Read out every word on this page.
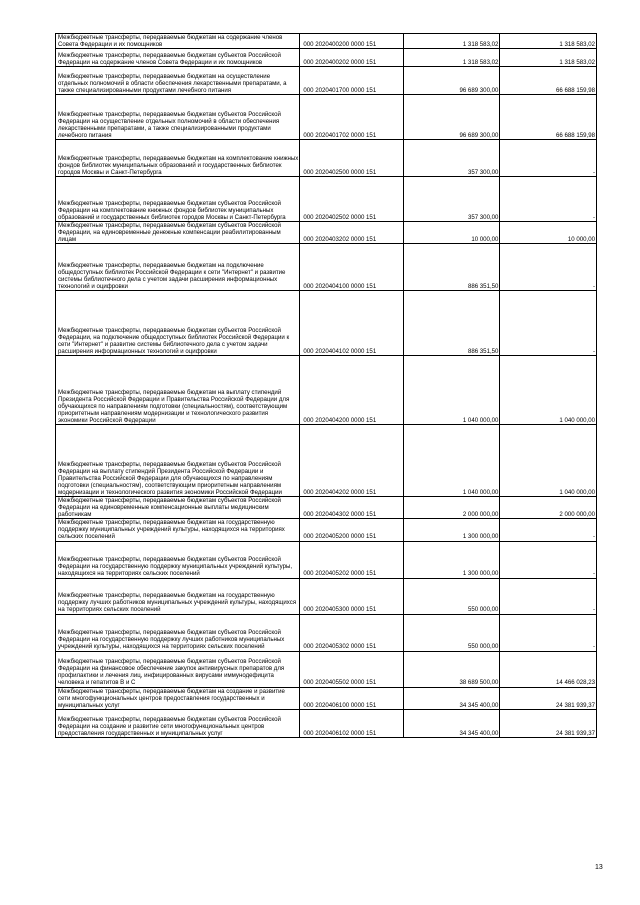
Межбюджетные трансферты, передаваемые бюджетам на содержание членов Совета Федерации и их помощников	000 2020400200 0000 151	1 318 583,02	1 318 583,02

Межбюджетные трансферты, передаваемые бюджетам субъектов Российской Федерации на содержание членов Совета Федерации и их помощников	000 2020400202 0000 151	1 318 583,02	1 318 583,02

Межбюджетные трансферты, передаваемые бюджетам на осуществление отдельных полномочий в области обеспечения лекарственными препаратами, а также специализированными продуктами лечебного питания	000 2020401700 0000 151	96 689 300,00	66 688 159,98

Межбюджетные трансферты, передаваемые бюджетам субъектов Российской Федерации на осуществление отдельных полномочий в области обеспечения лекарственными препаратами, а также специализированными продуктами лечебного питания	000 2020401702 0000 151	96 689 300,00	66 688 159,98

Межбюджетные трансферты, передаваемые бюджетам на комплектование книжных фондов библиотек муниципальных образований и государственных библиотек городов Москвы и Санкт-Петербурга	000 2020402500 0000 151	357 300,00	-

Межбюджетные трансферты, передаваемые бюджетам субъектов Российской Федерации на комплектование книжных фондов библиотек муниципальных образований и государственных библиотек городов Москвы и Санкт-Петербурга	000 2020402502 0000 151	357 300,00	-

Межбюджетные трансферты, передаваемые бюджетам субъектов Российской Федерации, на единовременные денежные компенсации реабилитированным лицам	000 2020403202 0000 151	10 000,00	10 000,00

Межбюджетные трансферты, передаваемые бюджетам на подключение общедоступных библиотек Российской Федерации к сети "Интернет" и развитие системы библиотечного дела с учетом задачи расширения информационных технологий и оцифровки	000 2020404100 0000 151	886 351,50	-

Межбюджетные трансферты, передаваемые бюджетам субъектов Российской Федерации, на подключение общедоступных библиотек Российской Федерации к сети "Интернет" и развитие системы библиотечного дела с учетом задачи расширения информационных технологий и оцифровки	000 2020404102 0000 151	886 351,50	-

Межбюджетные трансферты, передаваемые бюджетам на выплату стипендий Президента Российской Федерации и Правительства Российской Федерации для обучающихся по направлениям подготовки (специальностям), соответствующим приоритетным направлениям модернизации и технологического развития экономики Российской Федерации	000 2020404200 0000 151	1 040 000,00	1 040 000,00

Межбюджетные трансферты, передаваемые бюджетам субъектов Российской Федерации на выплату стипендий Президента Российской Федерации и Правительства Российской Федерации для обучающихся по направлениям подготовки (специальностям), соответствующим приоритетным направлениям модернизации и технологического развития экономики Российской Федерации	000 2020404202 0000 151	1 040 000,00	1 040 000,00

Межбюджетные трансферты, передаваемые бюджетам субъектов Российской Федерации на единовременные компенсационные выплаты медицинским работникам	000 2020404302 0000 151	2 000 000,00	2 000 000,00

Межбюджетные трансферты, передаваемые бюджетам на государственную поддержку муниципальных учреждений культуры, находящихся на территориях сельских поселений	000 2020405200 0000 151	1 300 000,00	-

Межбюджетные трансферты, передаваемые бюджетам субъектов Российской Федерации на государственную поддержку муниципальных учреждений культуры, находящихся на территориях сельских поселений	000 2020405202 0000 151	1 300 000,00	-

Межбюджетные трансферты, передаваемые бюджетам на государственную поддержку лучших работников муниципальных учреждений культуры, находящихся на территориях сельских поселений	000 2020405300 0000 151	550 000,00	-

Межбюджетные трансферты, передаваемые бюджетам субъектов Российской Федерации на государственную поддержку лучших работников муниципальных учреждений культуры, находящихся на территориях сельских поселений	000 2020405302 0000 151	550 000,00	-

Межбюджетные трансферты, передаваемые бюджетам субъектов Российской Федерации на финансовое обеспечение закупок антивирусных препаратов для профилактики и лечения лиц, инфицированных вирусами иммунодефицита человека и гепатитов B и C	000 2020405502 0000 151	38 689 500,00	14 466 028,23

Межбюджетные трансферты, передаваемые бюджетам на создание и развитие сети многофункциональных центров предоставления государственных и муниципальных услуг	000 2020406100 0000 151	34 345 400,00	24 381 939,37

Межбюджетные трансферты, передаваемые бюджетам субъектов Российской Федерации на создание и развитие сети многофункциональных центров предоставления государственных и муниципальных услуг	000 2020406102 0000 151	34 345 400,00	24 381 939,37
13
